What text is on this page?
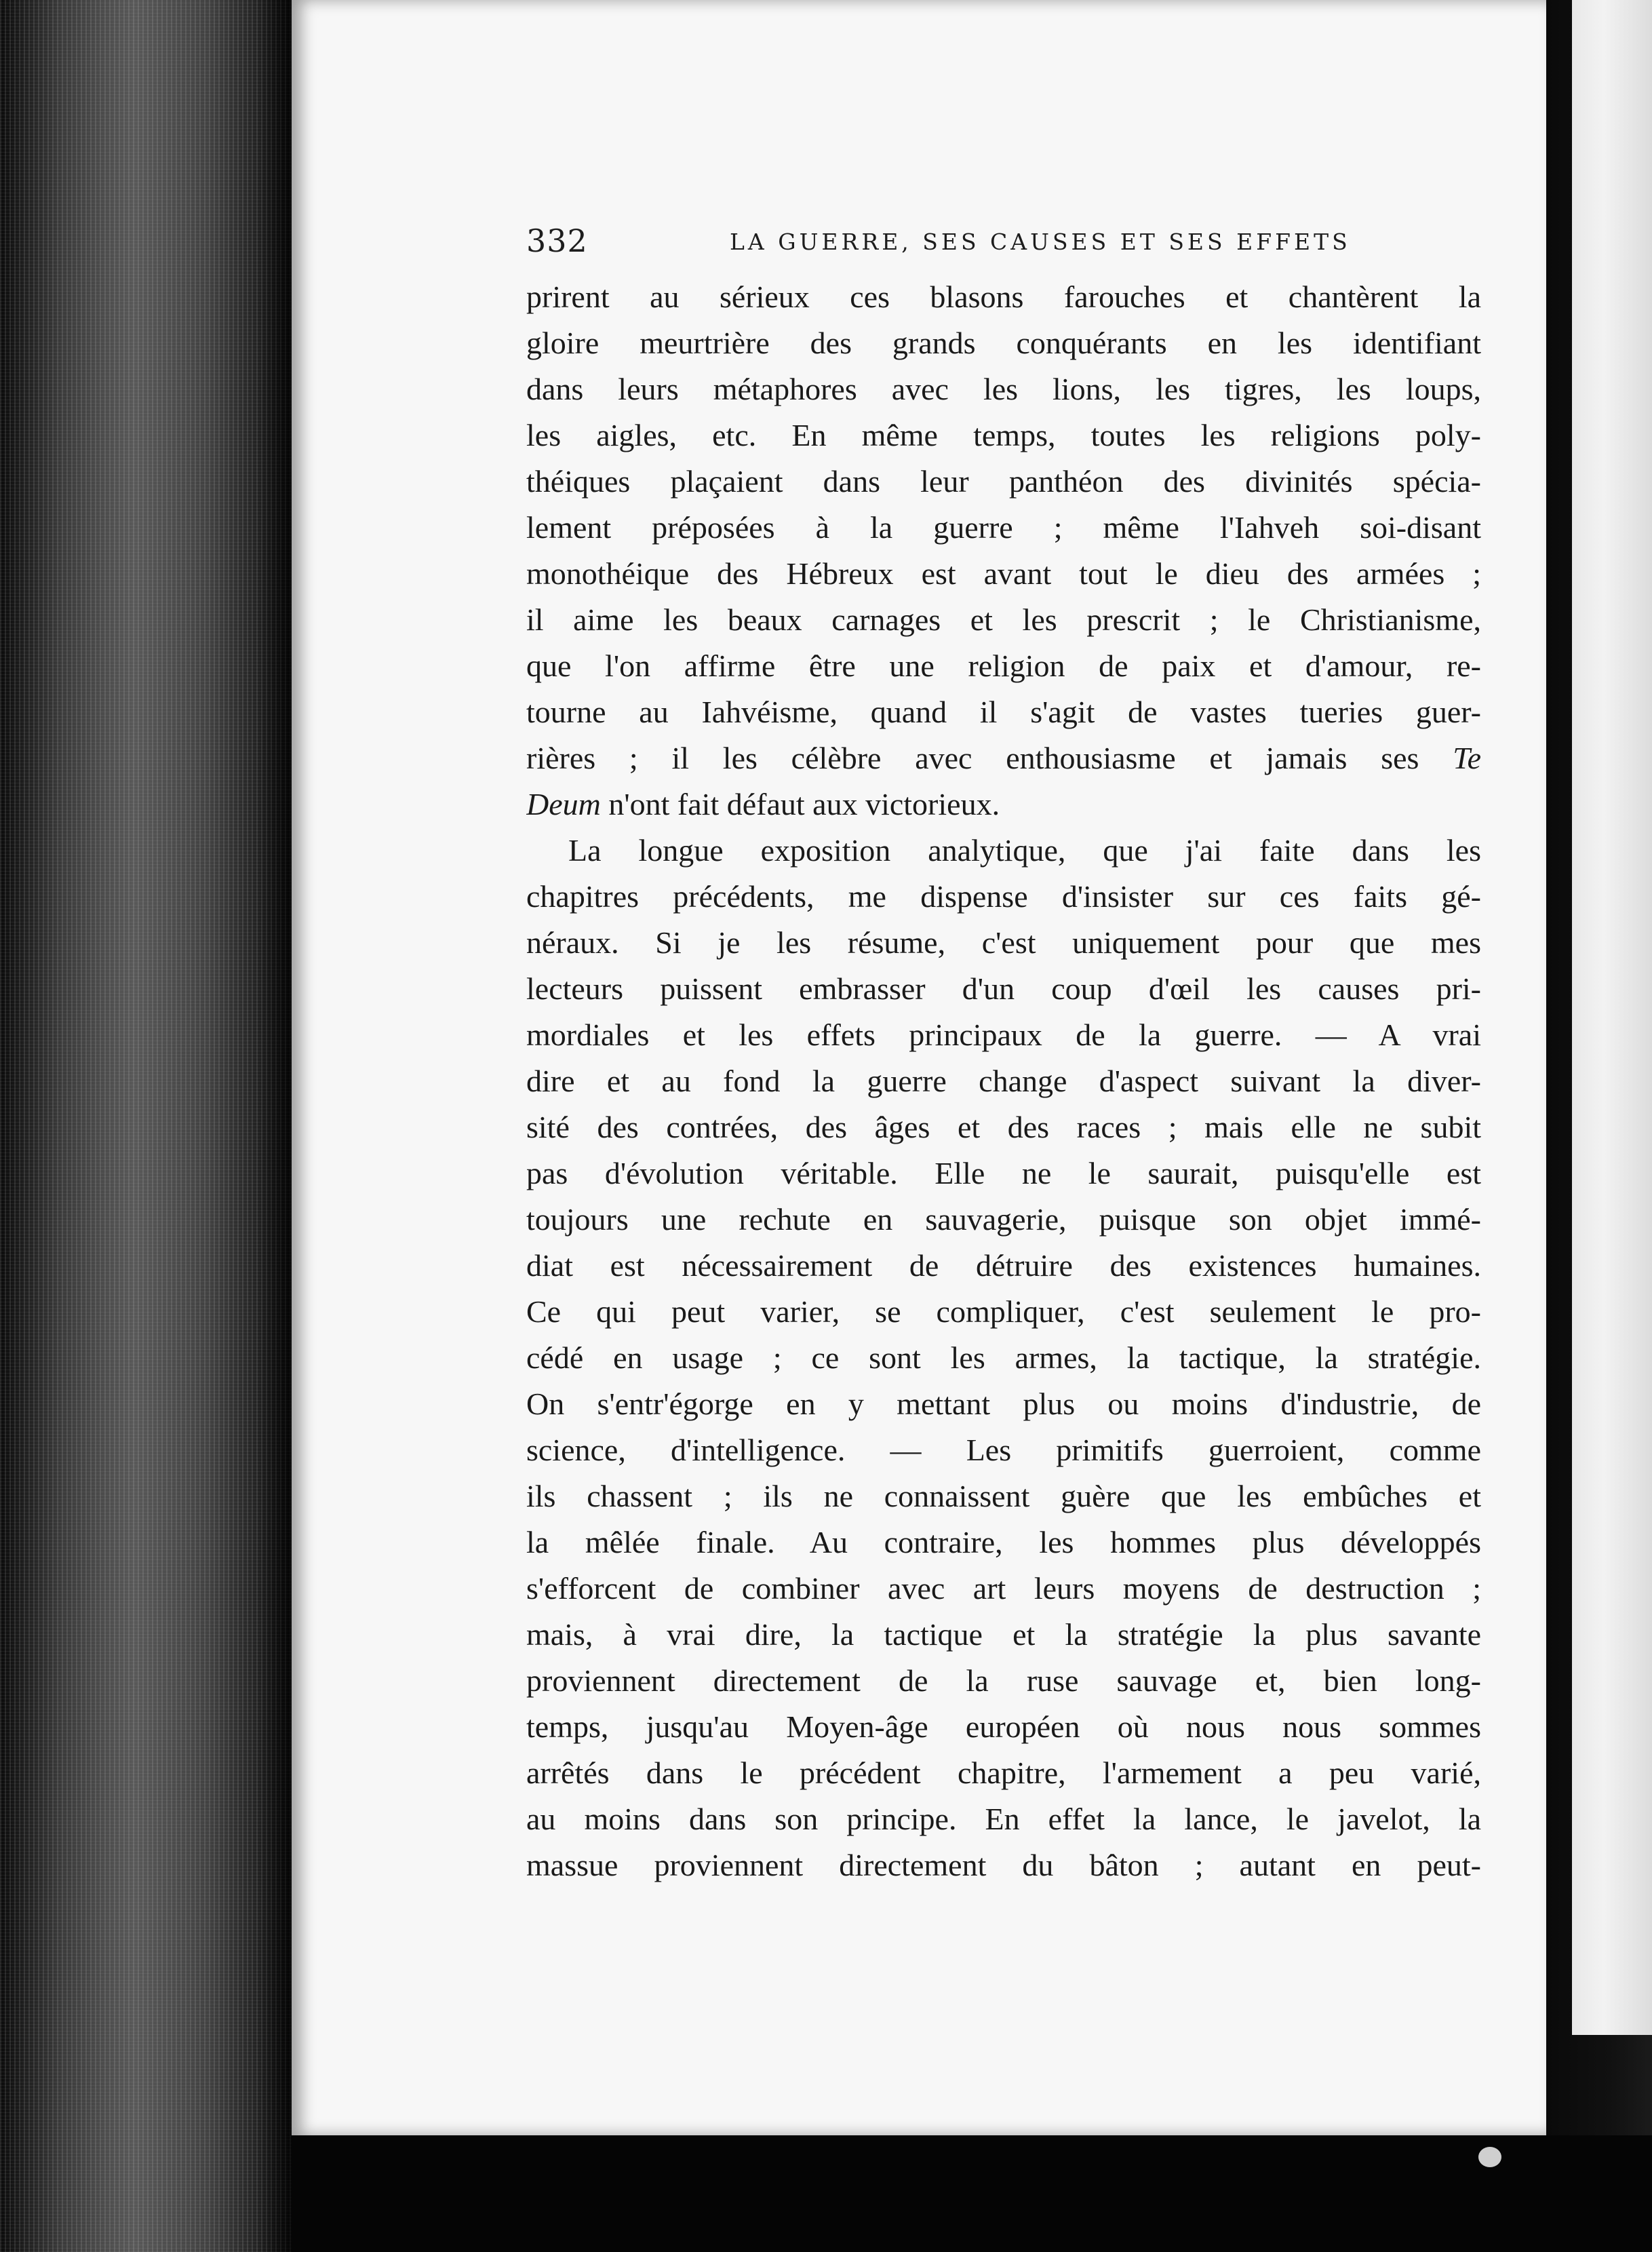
332	LA GUERRE, SES CAUSES ET SES EFFETS
prirent au sérieux ces blasons farouches et chantèrent la
gloire meurtrière des grands conquérants en les identifiant
dans leurs métaphores avec les lions, les tigres, les loups,
les aigles, etc. En même temps, toutes les religions poly-
théiques plaçaient dans leur panthéon des divinités spécia-
lement préposées à la guerre ; même l'Iahveh soi-disant
monothéique des Hébreux est avant tout le dieu des armées ;
il aime les beaux carnages et les prescrit ; le Christianisme,
que l'on affirme être une religion de paix et d'amour, re-
tourne au Iahvéisme, quand il s'agit de vastes tueries guer-
rières ; il les célèbre avec enthousiasme et jamais ses Te
Deum n'ont fait défaut aux victorieux.
La longue exposition analytique, que j'ai faite dans les
chapitres précédents, me dispense d'insister sur ces faits gé-
néraux. Si je les résume, c'est uniquement pour que mes
lecteurs puissent embrasser d'un coup d'œil les causes pri-
mordiales et les effets principaux de la guerre. — A vrai
dire et au fond la guerre change d'aspect suivant la diver-
sité des contrées, des âges et des races ; mais elle ne subit
pas d'évolution véritable. Elle ne le saurait, puisqu'elle est
toujours une rechute en sauvagerie, puisque son objet immé-
diat est nécessairement de détruire des existences humaines.
Ce qui peut varier, se compliquer, c'est seulement le pro-
cédé en usage ; ce sont les armes, la tactique, la stratégie.
On s'entr'égorge en y mettant plus ou moins d'industrie, de
science, d'intelligence. — Les primitifs guerroient, comme
ils chassent ; ils ne connaissent guère que les embûches et
la mêlée finale. Au contraire, les hommes plus développés
s'efforcent de combiner avec art leurs moyens de destruction ;
mais, à vrai dire, la tactique et la stratégie la plus savante
proviennent directement de la ruse sauvage et, bien long-
temps, jusqu'au Moyen-âge européen où nous nous sommes
arrêtés dans le précédent chapitre, l'armement a peu varié,
au moins dans son principe. En effet la lance, le javelot, la
massue proviennent directement du bâton ; autant en peut-
